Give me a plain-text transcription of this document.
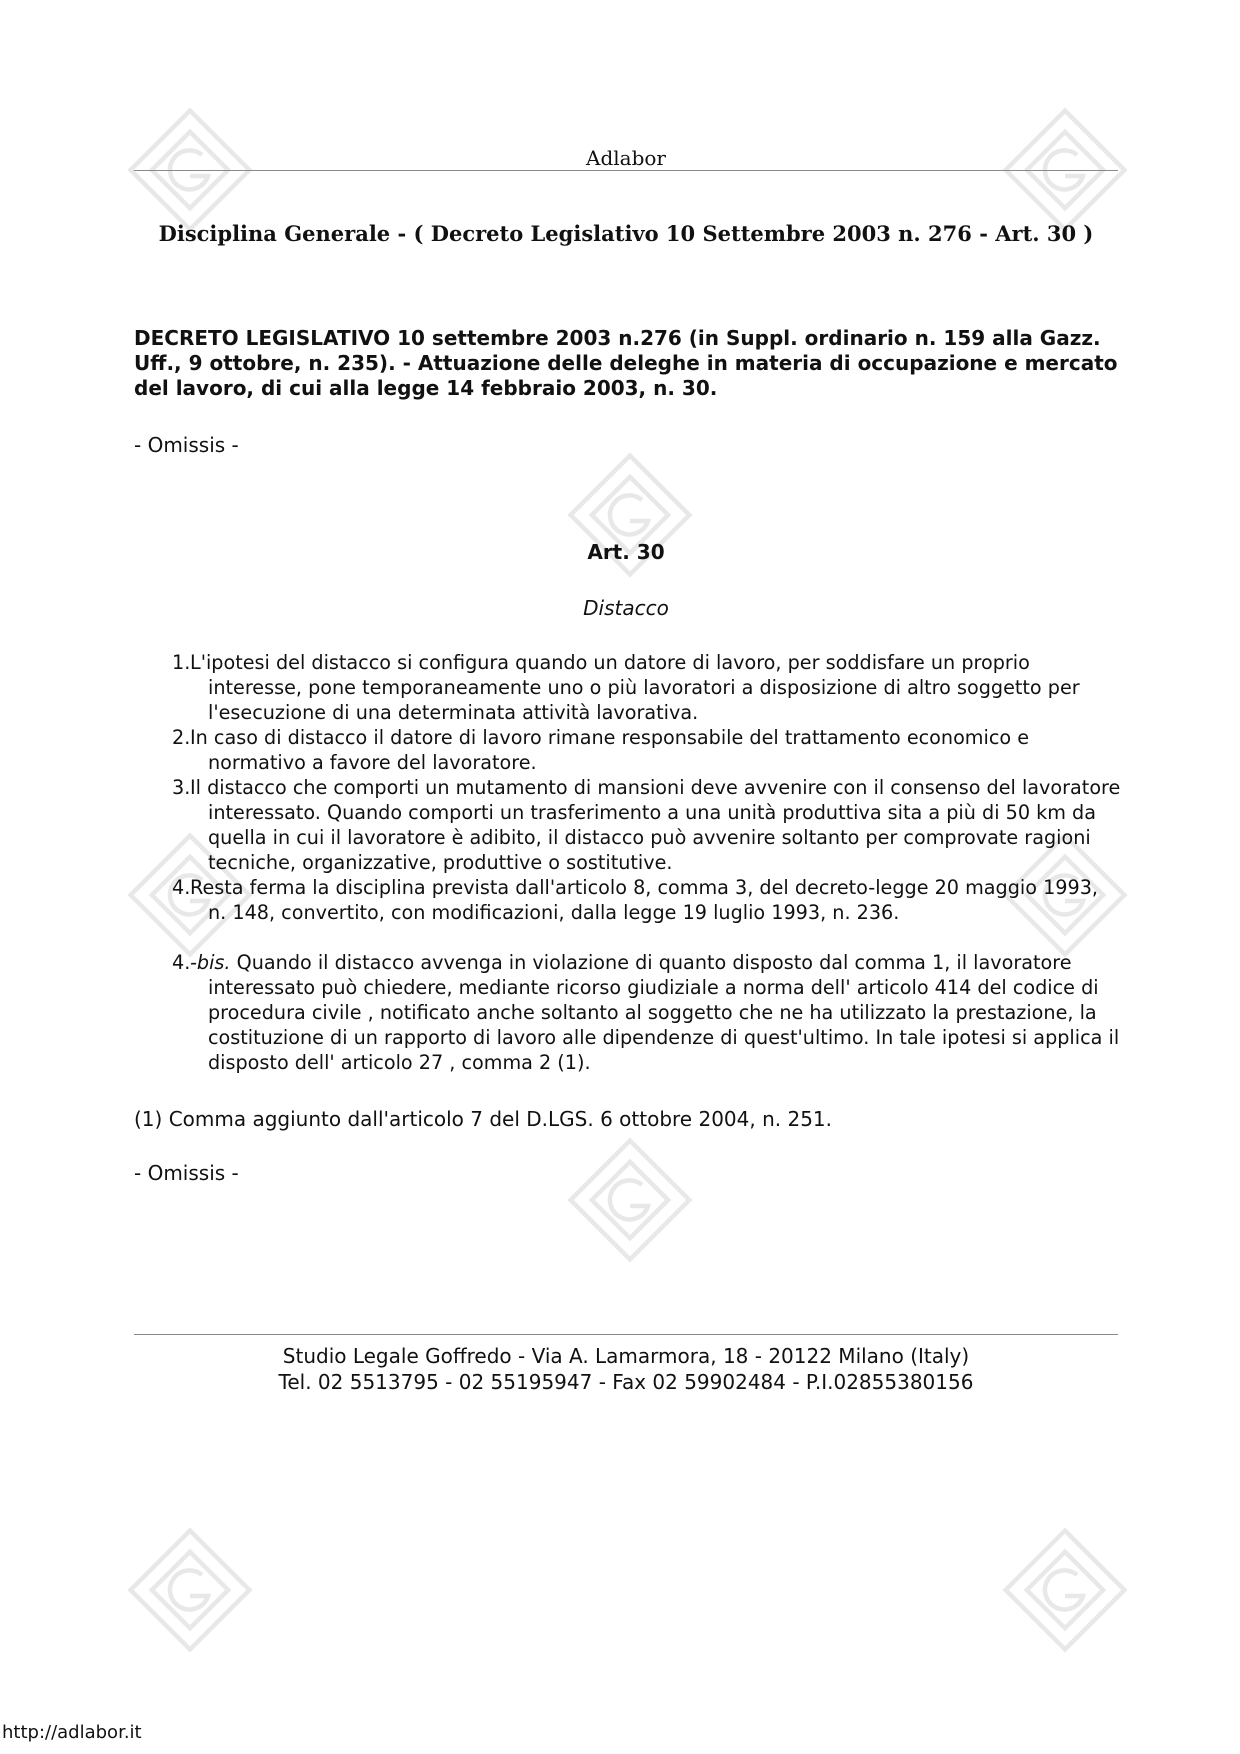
Adlabor
Disciplina Generale - ( Decreto Legislativo 10 Settembre 2003 n. 276 - Art. 30 )
DECRETO LEGISLATIVO 10 settembre 2003 n.276 (in Suppl. ordinario n. 159 alla Gazz. Uff., 9 ottobre, n. 235). - Attuazione delle deleghe in materia di occupazione e mercato del lavoro, di cui alla legge 14 febbraio 2003, n. 30.
- Omissis -
Art. 30
Distacco
1. L'ipotesi del distacco si configura quando un datore di lavoro, per soddisfare un proprio interesse, pone temporaneamente uno o più lavoratori a disposizione di altro soggetto per l'esecuzione di una determinata attività lavorativa.
2. In caso di distacco il datore di lavoro rimane responsabile del trattamento economico e normativo a favore del lavoratore.
3. Il distacco che comporti un mutamento di mansioni deve avvenire con il consenso del lavoratore interessato. Quando comporti un trasferimento a una unità produttiva sita a più di 50 km da quella in cui il lavoratore è adibito, il distacco può avvenire soltanto per comprovate ragioni tecniche, organizzative, produttive o sostitutive.
4. Resta ferma la disciplina prevista dall'articolo 8, comma 3, del decreto-legge 20 maggio 1993, n. 148, convertito, con modificazioni, dalla legge 19 luglio 1993, n. 236.
4. -bis. Quando il distacco avvenga in violazione di quanto disposto dal comma 1, il lavoratore interessato può chiedere, mediante ricorso giudiziale a norma dell' articolo 414 del codice di procedura civile , notificato anche soltanto al soggetto che ne ha utilizzato la prestazione, la costituzione di un rapporto di lavoro alle dipendenze di quest'ultimo. In tale ipotesi si applica il disposto dell' articolo 27 , comma 2 (1).
(1) Comma aggiunto dall'articolo 7 del D.LGS. 6 ottobre 2004, n. 251.
- Omissis -
Studio Legale Goffredo - Via A. Lamarmora, 18 - 20122 Milano (Italy)
Tel. 02 5513795 - 02 55195947 - Fax 02 59902484 - P.I.02855380156
http://adlabor.it
